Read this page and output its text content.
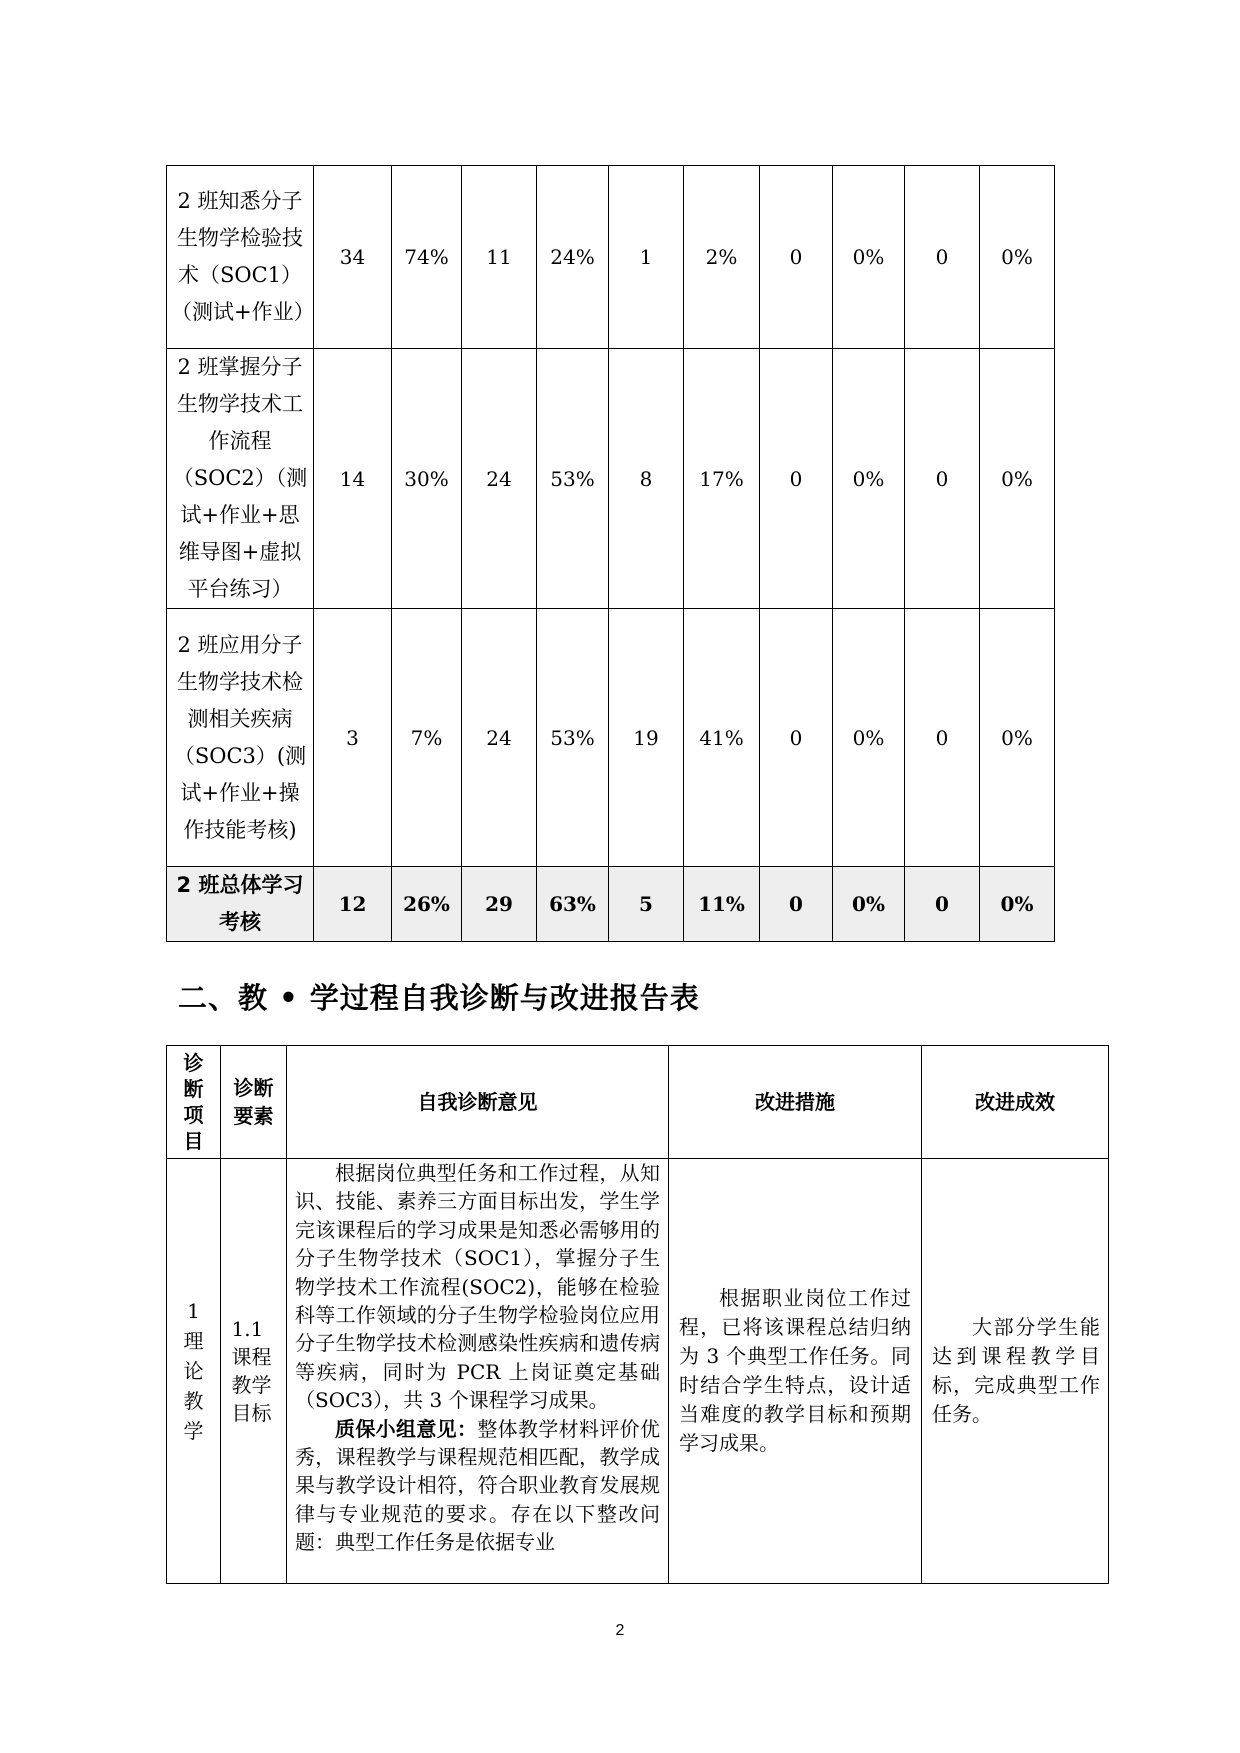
2 班知悉分子生物学检验技术（SOC1）（测试+作业）	34	74%	11	24%	1	2%	0	0%	0	0%
2 班掌握分子生物学技术工作流程（SOC2）（测试+作业+思维导图+虚拟平台练习）	14	30%	24	53%	8	17%	0	0%	0	0%
2 班应用分子生物学技术检测相关疾病（SOC3）(测试+作业+操作技能考核)	3	7%	24	53%	19	41%	0	0%	0	0%
2 班总体学习考核	12	26%	29	63%	5	11%	0	0%	0	0%
二、教 • 学过程自我诊断与改进报告表
诊断项目	诊断要素	自我诊断意见	改进措施	改进成效

1 理论教学	1.1 课程教学目标	根据岗位典型任务和工作过程，从知识、技能、素养三方面目标出发，学生学完该课程后的学习成果是知悉必需够用的分子生物学技术（SOC1），掌握分子生物学技术工作流程(SOC2)，能够在检验科等工作领域的分子生物学检验岗位应用分子生物学技术检测感染性疾病和遗传病等疾病，同时为 PCR 上岗证奠定基础（SOC3），共 3 个课程学习成果。

质保小组意见：整体教学材料评价优秀，课程教学与课程规范相匹配，教学成果与教学设计相符，符合职业教育发展规律与专业规范的要求。存在以下整改问题：典型工作任务是依据专业	根据职业岗位工作过程，已将该课程总结归纳为 3 个典型工作任务。同时结合学生特点，设计适当难度的教学目标和预期学习成果。	大部分学生能达到课程教学目标，完成典型工作任务。

2
